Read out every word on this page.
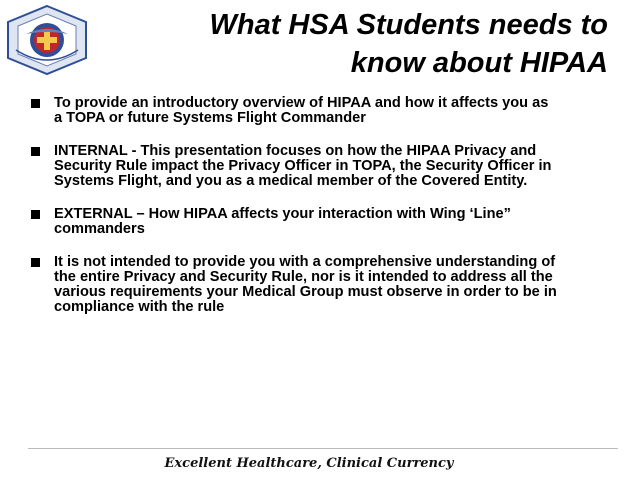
What HSA Students needs to
know about HIPAA
To provide an introductory overview of HIPAA and how it affects you as
a TOPA or future Systems Flight Commander
INTERNAL - This presentation focuses on how the HIPAA Privacy and
Security Rule impact the Privacy Officer in TOPA, the Security Officer in
Systems Flight, and you as a medical member of the Covered Entity.
EXTERNAL – How HIPAA affects your interaction with Wing ‘Line”
commanders
It is not intended to provide you with a comprehensive understanding of
the entire Privacy and Security Rule, nor is it intended to address all the
various requirements your Medical Group must observe in order to be in
compliance with the rule
Excellent Healthcare, Clinical Currency
